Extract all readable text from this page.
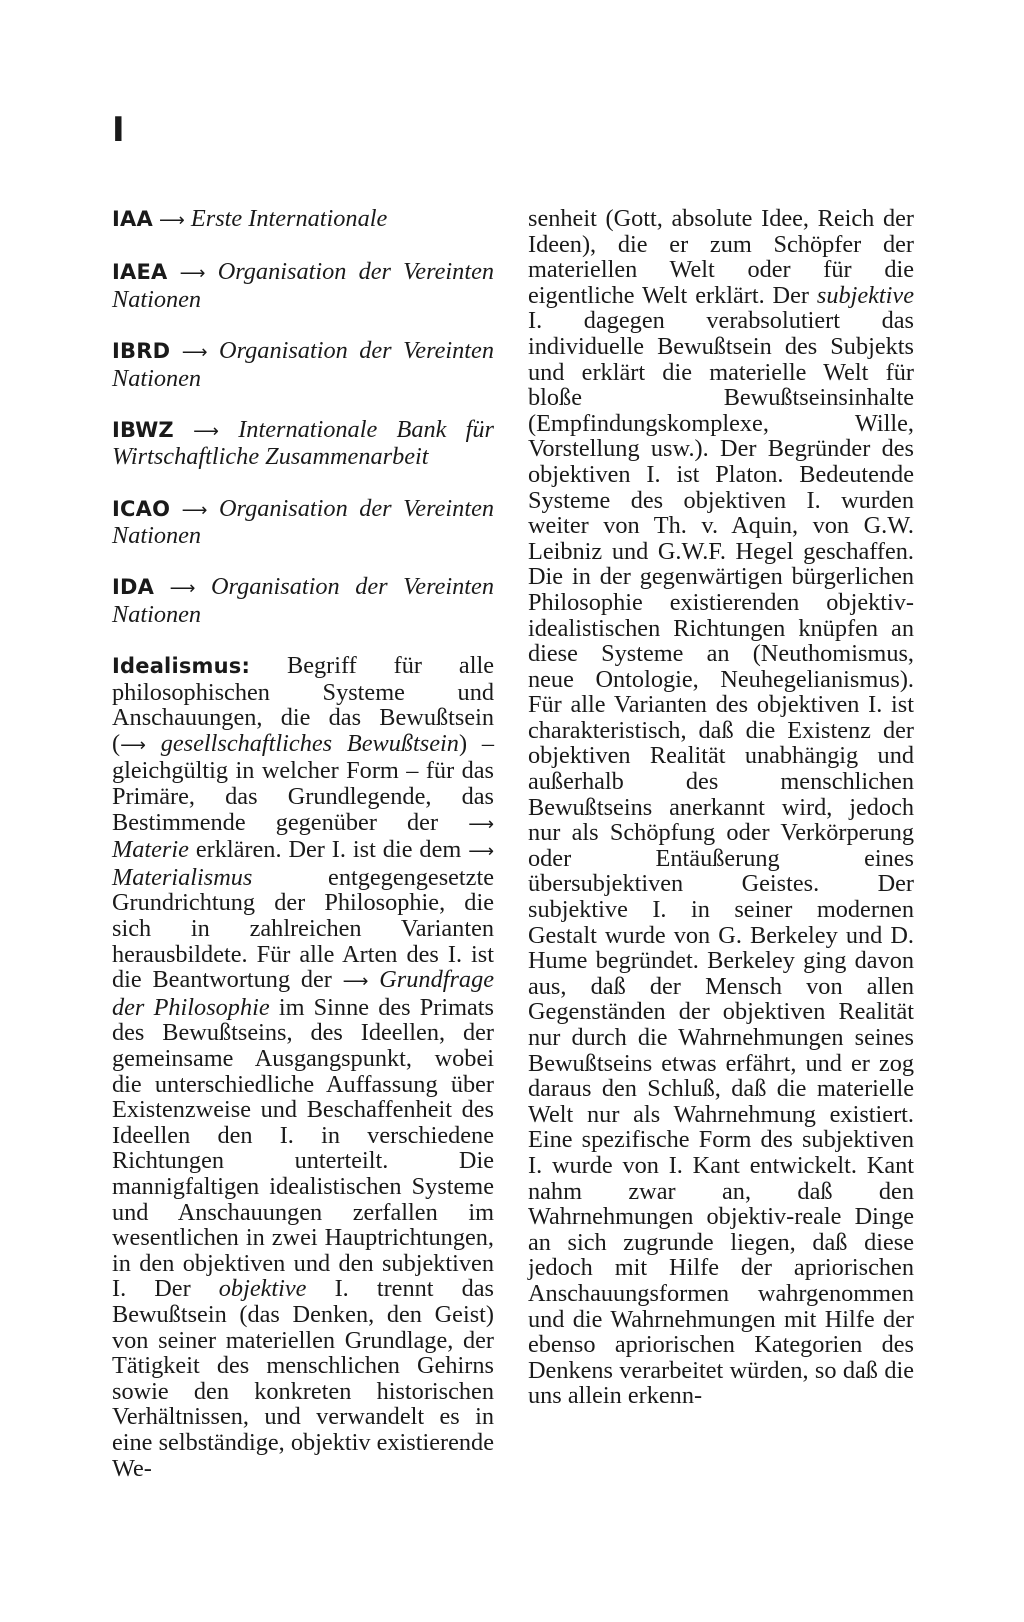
I

IAA ⟶ Erste Internationale

IAEA ⟶ Organisation der Vereinten Nationen

IBRD ⟶ Organisation der Vereinten Nationen

IBWZ ⟶ Internationale Bank für Wirtschaftliche Zusammenarbeit

ICAO ⟶ Organisation der Vereinten Nationen

IDA ⟶ Organisation der Vereinten Nationen

Idealismus: Begriff für alle philosophischen Systeme und Anschauungen, die das Bewußtsein (⟶ gesellschaftliches Bewußtsein) – gleichgültig in welcher Form – für das Primäre, das Grundlegende, das Bestimmende gegenüber der ⟶ Materie erklären. Der I. ist die dem ⟶ Materialismus entgegengesetzte Grundrichtung der Philosophie, die sich in zahlreichen Varianten herausbildete. Für alle Arten des I. ist die Beantwortung der ⟶ Grundfrage der Philosophie im Sinne des Primats des Bewußtseins, des Ideellen, der gemeinsame Ausgangspunkt, wobei die unterschiedliche Auffassung über Existenzweise und Beschaffenheit des Ideellen den I. in verschiedene Richtungen unterteilt. Die mannigfaltigen idealistischen Systeme und Anschauungen zerfallen im wesentlichen in zwei Hauptrichtungen, in den objektiven und den subjektiven I. Der objektive I. trennt das Bewußtsein (das Denken, den Geist) von seiner materiellen Grundlage, der Tätigkeit des menschlichen Gehirns sowie den konkreten historischen Verhältnissen, und verwandelt es in eine selbständige, objektiv existierende We-

senheit (Gott, absolute Idee, Reich der Ideen), die er zum Schöpfer der materiellen Welt oder für die eigentliche Welt erklärt. Der subjektive I. dagegen verabsolutiert das individuelle Bewußtsein des Subjekts und erklärt die materielle Welt für bloße Bewußtseinsinhalte (Empfindungskomplexe, Wille, Vorstellung usw.). Der Begründer des objektiven I. ist Platon. Bedeutende Systeme des objektiven I. wurden weiter von Th. v. Aquin, von G.W. Leibniz und G.W.F. Hegel geschaffen. Die in der gegenwärtigen bürgerlichen Philosophie existierenden objektiv-idealistischen Richtungen knüpfen an diese Systeme an (Neuthomismus, neue Ontologie, Neuhegelianismus). Für alle Varianten des objektiven I. ist charakteristisch, daß die Existenz der objektiven Realität unabhängig und außerhalb des menschlichen Bewußtseins anerkannt wird, jedoch nur als Schöpfung oder Verkörperung oder Entäußerung eines übersubjektiven Geistes. Der subjektive I. in seiner modernen Gestalt wurde von G. Berkeley und D. Hume begründet. Berkeley ging davon aus, daß der Mensch von allen Gegenständen der objektiven Realität nur durch die Wahrnehmungen seines Bewußtseins etwas erfährt, und er zog daraus den Schluß, daß die materielle Welt nur als Wahrnehmung existiert. Eine spezifische Form des subjektiven I. wurde von I. Kant entwickelt. Kant nahm zwar an, daß den Wahrnehmungen objektiv-reale Dinge an sich zugrunde liegen, daß diese jedoch mit Hilfe der apriorischen Anschauungsformen wahrgenommen und die Wahrnehmungen mit Hilfe der ebenso apriorischen Kategorien des Denkens verarbeitet würden, so daß die uns allein erkenn-
